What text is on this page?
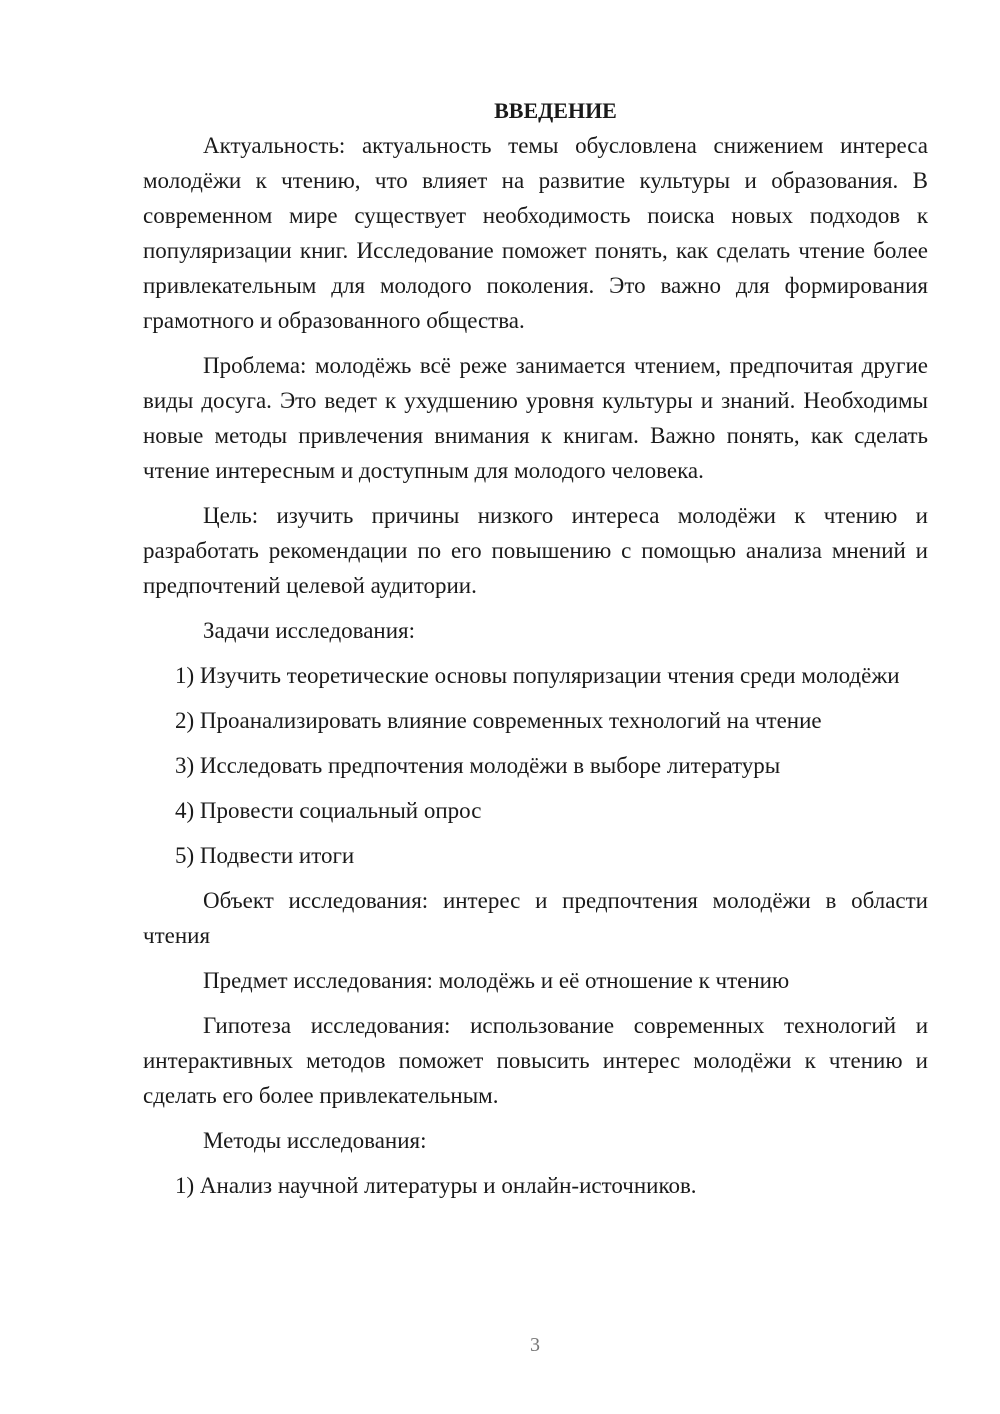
ВВЕДЕНИЕ

Актуальность: актуальность темы обусловлена снижением интереса молодёжи к чтению, что влияет на развитие культуры и образования. В современном мире существует необходимость поиска новых подходов к популяризации книг. Исследование поможет понять, как сделать чтение более привлекательным для молодого поколения. Это важно для формирования грамотного и образованного общества.

Проблема: молодёжь всё реже занимается чтением, предпочитая другие виды досуга. Это ведет к ухудшению уровня культуры и знаний. Необходимы новые методы привлечения внимания к книгам. Важно понять, как сделать чтение интересным и доступным для молодого человека.

Цель: изучить причины низкого интереса молодёжи к чтению и разработать рекомендации по его повышению с помощью анализа мнений и предпочтений целевой аудитории.

Задачи исследования:

1) Изучить теоретические основы популяризации чтения среди молодёжи

2) Проанализировать влияние современных технологий на чтение

3) Исследовать предпочтения молодёжи в выборе литературы

4) Провести социальный опрос

5) Подвести итоги

Объект исследования: интерес и предпочтения молодёжи в области чтения

Предмет исследования: молодёжь и её отношение к чтению

Гипотеза исследования: использование современных технологий и интерактивных методов поможет повысить интерес молодёжи к чтению и сделать его более привлекательным.

Методы исследования:

1) Анализ научной литературы и онлайн-источников.

3
